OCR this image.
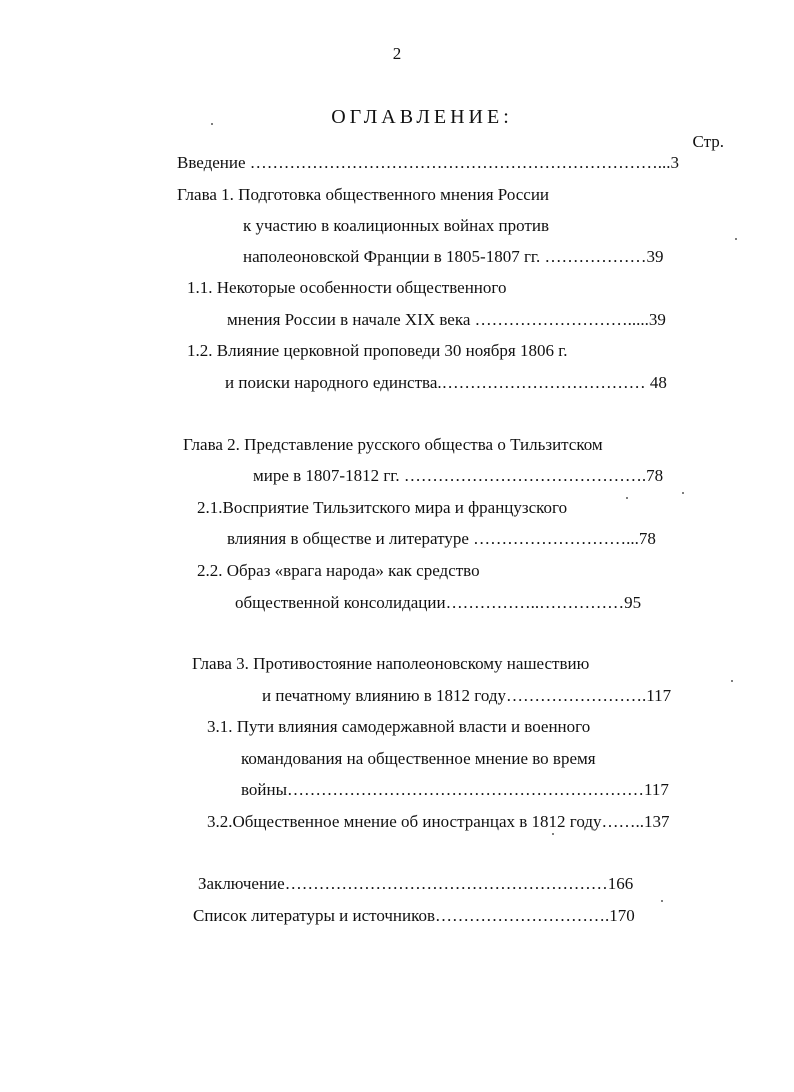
2
ОГЛАВЛЕНИЕ:
Стр.
Введение ………………………………………………………………...3
Глава 1. Подготовка общественного мнения России
к участию в коалиционных войнах против
наполеоновской Франции в 1805-1807 гг. ………………39
1.1. Некоторые особенности общественного
мнения России в начале XIX века ……………………….....39
1.2. Влияние церковной проповеди 30 ноября 1806 г.
и поиски народного единства.……………………………… 48
Глава 2. Представление русского общества о Тильзитском
мире в 1807-1812 гг. …………………………………….78
2.1.Восприятие Тильзитского мира и французского
влияния в обществе и литературе ………………………...78
2.2. Образ «врага народа» как средство
общественной консолидации……………..……………95
Глава 3. Противостояние наполеоновскому нашествию
и печатному влиянию в 1812 году…………………….117
3.1. Пути влияния самодержавной власти и военного
командования на общественное мнение во время
войны………………………………………………………117
3.2.Общественное мнение об иностранцах в 1812 году……..137
Заключение…………………………………………………166
Список литературы и источников………………………….170
